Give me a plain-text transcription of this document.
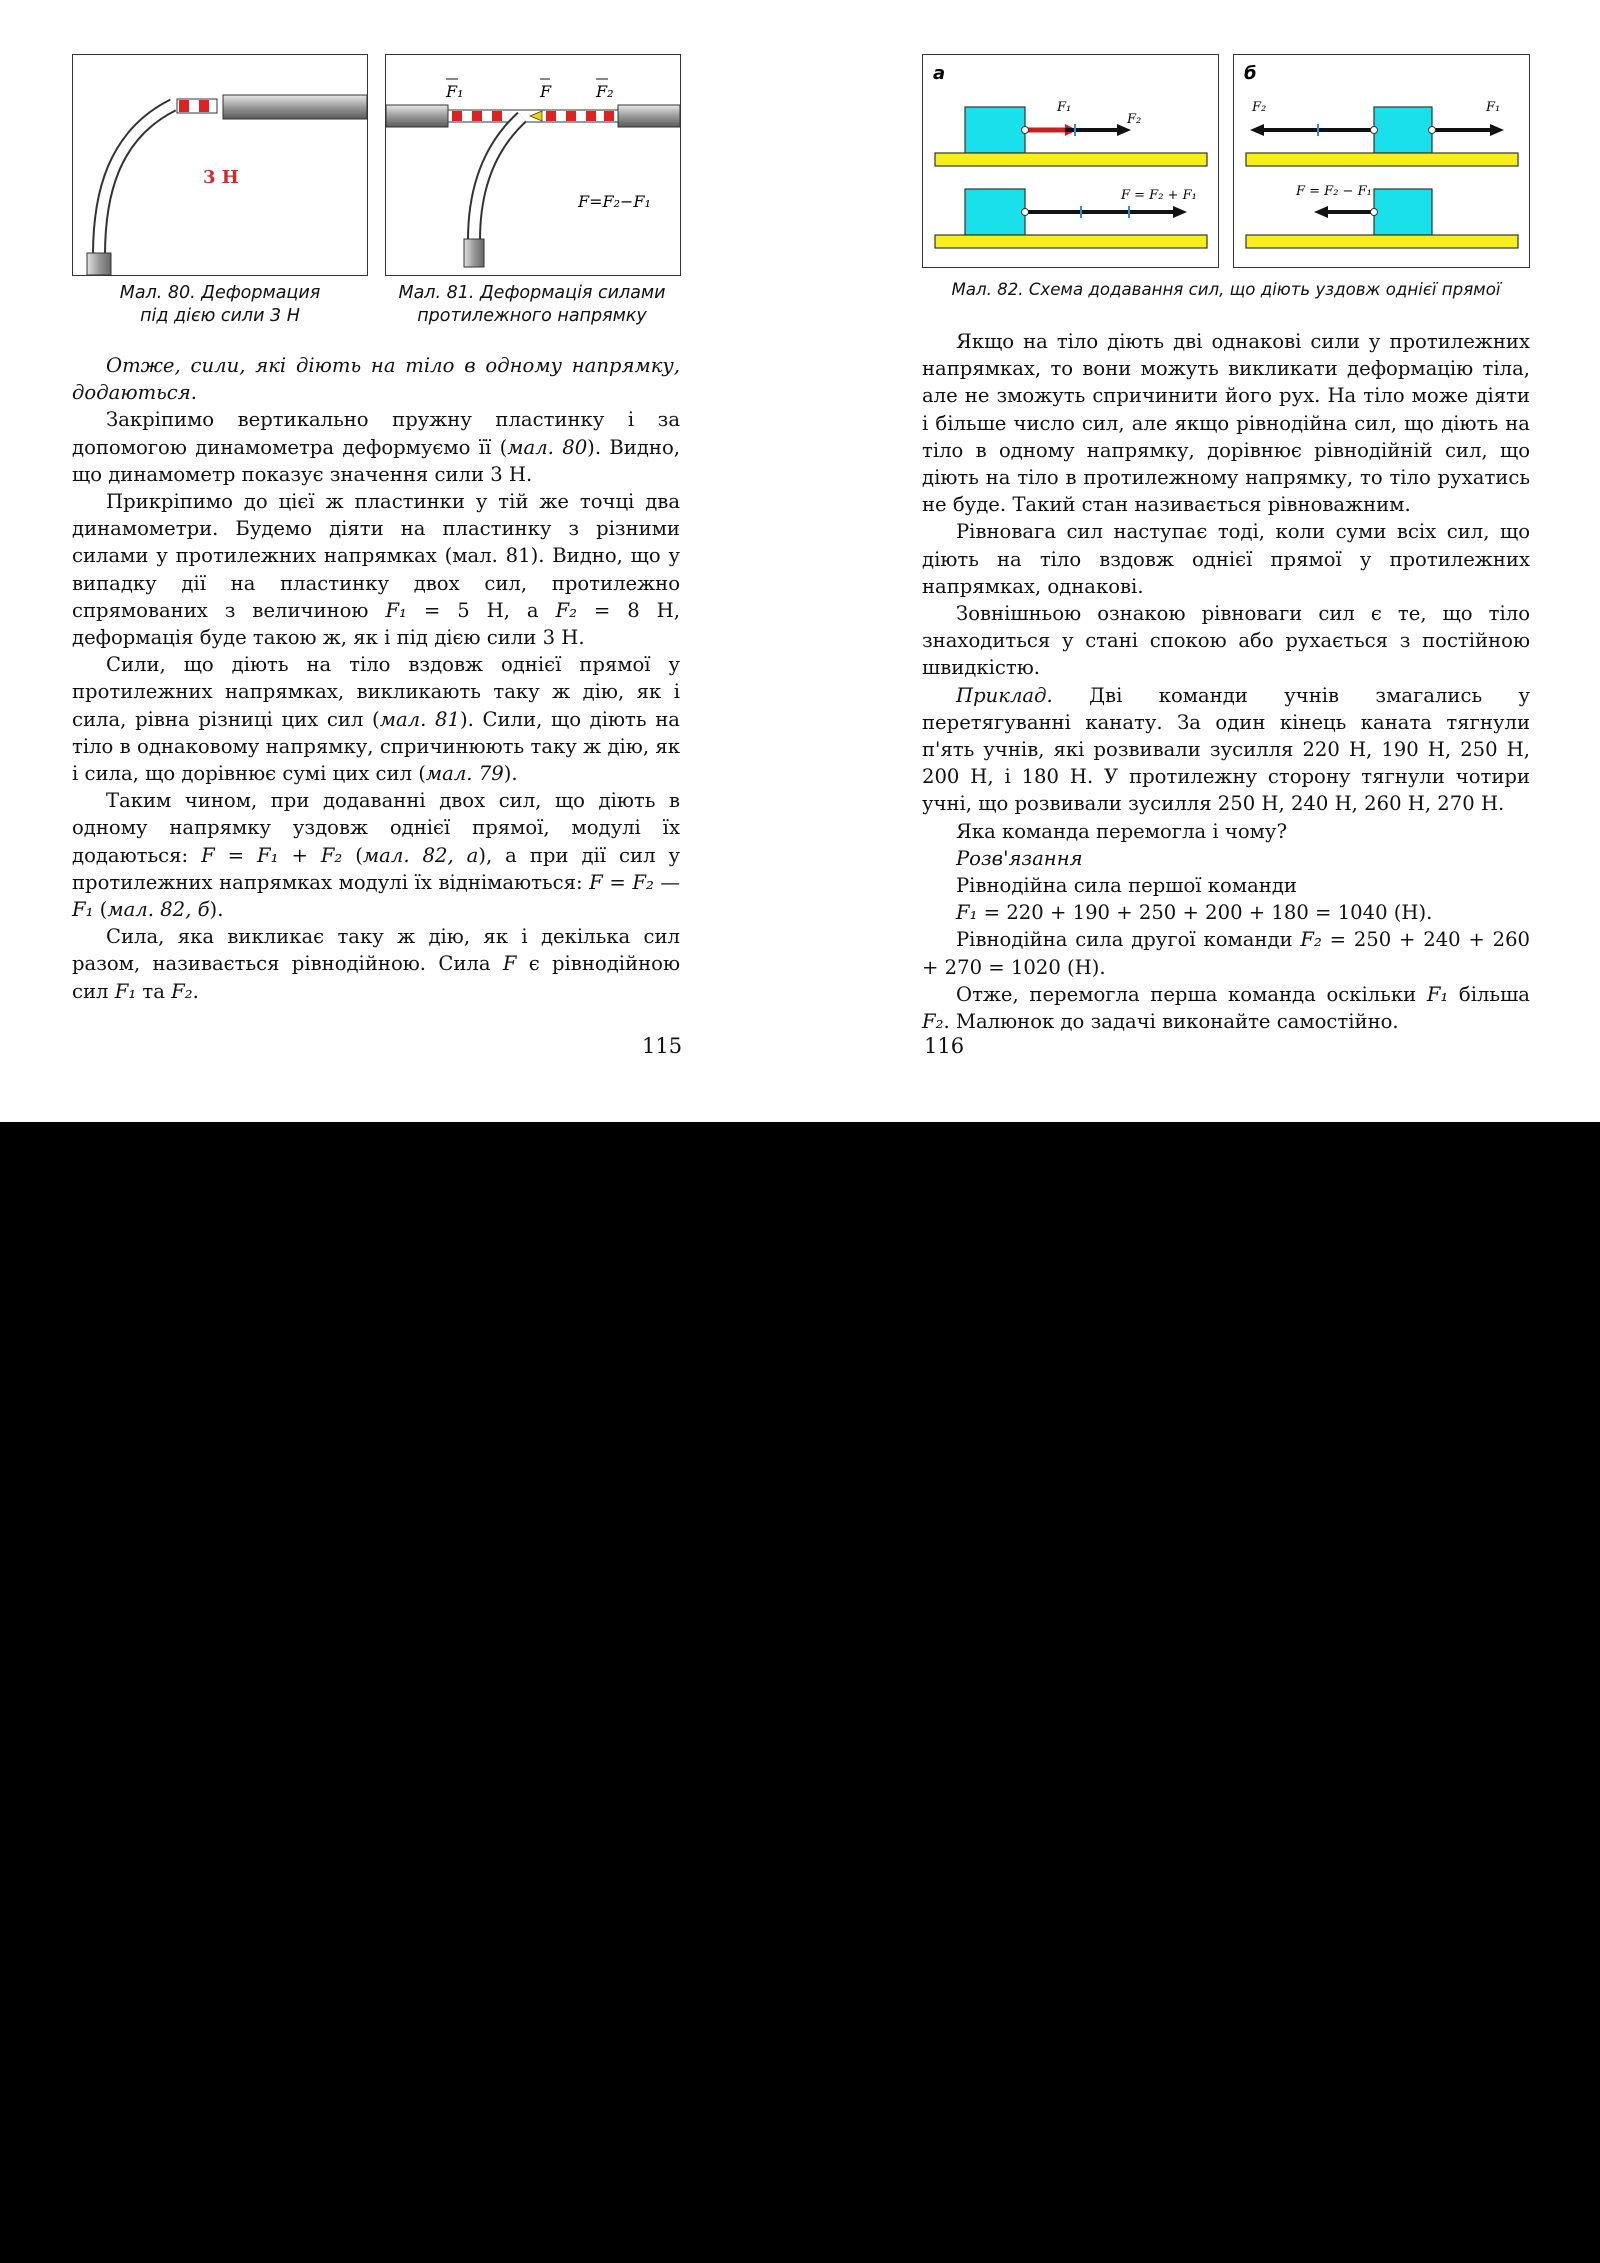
3 Н
Мал. 80. Деформация
під дією сили 3 Н
F₁	F	F₂
F=F₂−F₁
Мал. 81. Деформація силами
протилежного напрямку

Отже, сили, які діють на тіло в одному напрямку, додаються.

Закріпимо вертикально пружну пластинку і за допомогою динамометра деформуємо її (мал. 80). Видно, що динамометр показує значення сили 3 Н.

Прикріпимо до цієї ж пластинки у тій же точці два динамометри. Будемо діяти на пластинку з різними силами у протилежних напрямках (мал. 81). Видно, що у випадку дії на пластинку двох сил, протилежно спрямованих з величиною F₁ = 5 Н, а F₂ = 8 Н, деформація буде такою ж, як і під дією сили 3 Н.

Сили, що діють на тіло вздовж однієї прямої у протилежних напрямках, викликають таку ж дію, як і сила, рівна різниці цих сил (мал. 81). Сили, що діють на тіло в однаковому напрямку, спричинюють таку ж дію, як і сила, що дорівнює сумі цих сил (мал. 79).

Таким чином, при додаванні двох сил, що діють в одному напрямку уздовж однієї прямої, модулі їх додаються: F = F₁ + F₂ (мал. 82, а), а при дії сил у протилежних напрямках модулі їх віднімаються: F = F₂ — F₁ (мал. 82, б).

Сила, яка викликає таку ж дію, як і декілька сил разом, називається рівнодійною. Сила F є рівнодійною сил F₁ та F₂.

115
а
F₁
F₂
F = F₂ + F₁
б
F₂	F₁
F = F₂ − F₁
Мал. 82. Схема додавання сил, що діють уздовж однієї прямої

Якщо на тіло діють дві однакові сили у протилежних напрямках, то вони можуть викликати деформацію тіла, але не зможуть спричинити його рух. На тіло може діяти і більше число сил, але якщо рівнодійна сил, що діють на тіло в одному напрямку, дорівнює рівнодійній сил, що діють на тіло в протилежному напрямку, то тіло рухатись не буде. Такий стан називається рівноважним.

Рівновага сил наступає тоді, коли суми всіх сил, що діють на тіло вздовж однієї прямої у протилежних напрямках, однакові.

Зовнішньою ознакою рівноваги сил є те, що тіло знаходиться у стані спокою або рухається з постійною швидкістю.

Приклад. Дві команди учнів змагались у перетягуванні канату. За один кінець каната тягнули п'ять учнів, які розвивали зусилля 220 Н, 190 Н, 250 Н, 200 Н, і 180 Н. У протилежну сторону тягнули чотири учні, що розвивали зусилля 250 Н, 240 Н, 260 Н, 270 Н.

Яка команда перемогла і чому?

Розв'язання

Рівнодійна сила першої команди

F₁ = 220 + 190 + 250 + 200 + 180 = 1040 (Н).

Рівнодійна сила другої команди F₂ = 250 + 240 + 260 + 270 = 1020 (Н).

Отже, перемогла перша команда оскільки F₁ більша F₂. Малюнок до задачі виконайте самостійно.

116
